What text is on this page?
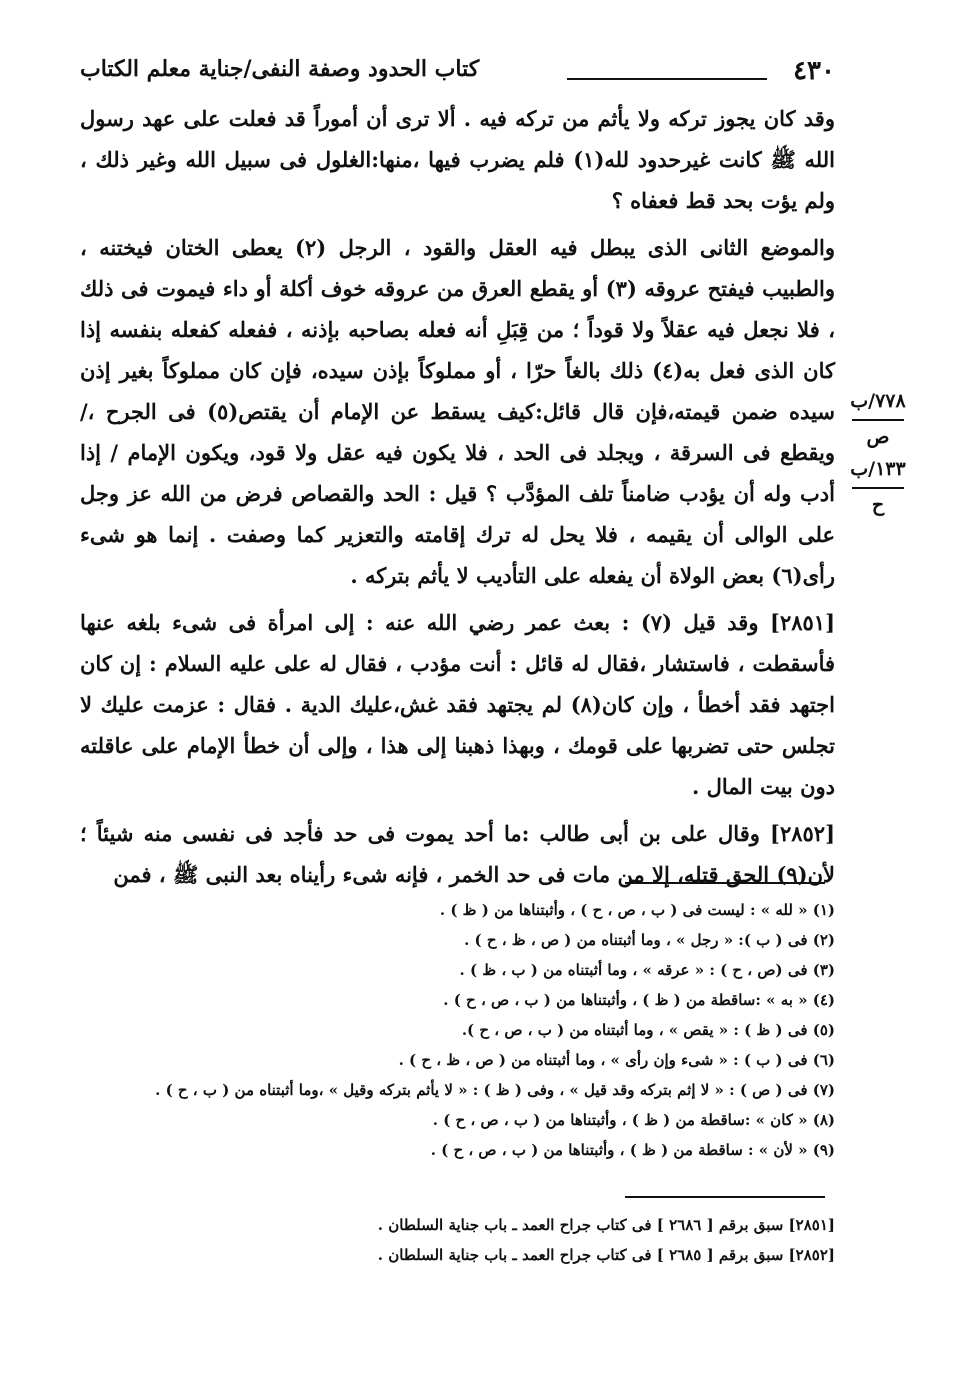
٤٣٠
كتاب الحدود وصفة النفى/جناية معلم الكتاب

وقد كان يجوز تركه ولا يأثم من تركه فيه . ألا ترى أن أموراً قد فعلت على عهد رسول الله ﷺ كانت غيرحدود لله(١) فلم يضرب فيها ،منها:الغلول فى سبيل الله وغير ذلك ، ولم يؤت بحد قط فعفاه ؟

والموضع الثانى الذى يبطل فيه العقل والقود ، الرجل (٢) يعطى الختان فيختنه ، والطبيب فيفتح عروقه (٣) أو يقطع العرق من عروقه خوف أكلة أو داء فيموت فى ذلك ، فلا نجعل فيه عقلاً ولا قوداً ؛ من قِبَلِ أنه فعله بصاحبه بإذنه ، ففعله كفعله بنفسه إذا كان الذى فعل به(٤) ذلك بالغاً حرّا ، أو مملوكاً بإذن سيده، فإن كان مملوكاً بغير إذن سيده ضمن قيمته،فإن قال قائل:كيف يسقط عن الإمام أن يقتص(٥) فى الجرح ،/ ويقطع فى السرقة ، ويجلد فى الحد ، فلا يكون فيه عقل ولا قود، ويكون الإمام / إذا أدب وله أن يؤدب ضامناً تلف المؤدَّب ؟ قيل : الحد والقصاص فرض من الله عز وجل على الوالى أن يقيمه ، فلا يحل له ترك إقامته والتعزير كما وصفت . إنما هو شىء رأى(٦) بعض الولاة أن يفعله على التأديب لا يأثم بتركه .

[٢٨٥١] وقد قيل (٧) : بعث عمر رضي الله عنه : إلى امرأة فى شىء بلغه عنها فأسقطت ، فاستشار ،فقال له قائل : أنت مؤدب ، فقال له على عليه السلام : إن كان اجتهد فقد أخطأ ، وإن كان(٨) لم يجتهد فقد غش،عليك الدية . فقال : عزمت عليك لا تجلس حتى تضربها على قومك ، وبهذا ذهبنا إلى هذا ، وإلى أن خطأ الإمام على عاقلته دون بيت المال .

[٢٨٥٢] وقال على بن أبى طالب :ما أحد يموت فى حد فأجد فى نفسى منه شيئاً ؛ لأن(٩) الحق قتله، إلا من مات فى حد الخمر ، فإنه شىء رأيناه بعد النبى ﷺ ، فمن

٧٧٨/ب
ص
١٣٣/ب
ح
(١) « لله » : ليست فى ( ب ، ص ، ح ) ، وأثبتناها من ( ظ ) .
(٢) فى ( ب ): « رجل » ، وما أثبتناه من ( ص ، ظ ، ح ) .
(٣) فى (ص ، ح ) : « عرقه » ، وما أثبتناه من ( ب ، ظ ) .
(٤) « به » :ساقطة من ( ظ ) ، وأثبتناها من ( ب ، ص ، ح ) .
(٥) فى ( ظ ) : « يقص » ، وما أثبتناه من ( ب ، ص ، ح ).
(٦) فى ( ب ) : « شىء وإن رأى » ، وما أثبتناه من ( ص ، ظ ، ح ) .
(٧) فى ( ص ) : « لا إثم بتركه وقد قيل » ، وفى ( ظ ) : « لا يأثم بتركه وقيل » ،وما أثبتناه من ( ب ، ح ) .
(٨) « كان » :ساقطة من ( ظ ) ، وأثبتناها من ( ب ، ص ، ح ) .
(٩) « لأن » : ساقطة من ( ظ ) ، وأثبتناها من ( ب ، ص ، ح ) .
[٢٨٥١] سبق برقم [ ٢٦٨٦ ] فى كتاب جراح العمد ـ باب جناية السلطان .
[٢٨٥٢] سبق برقم [ ٢٦٨٥ ] فى كتاب جراح العمد ـ باب جناية السلطان .
